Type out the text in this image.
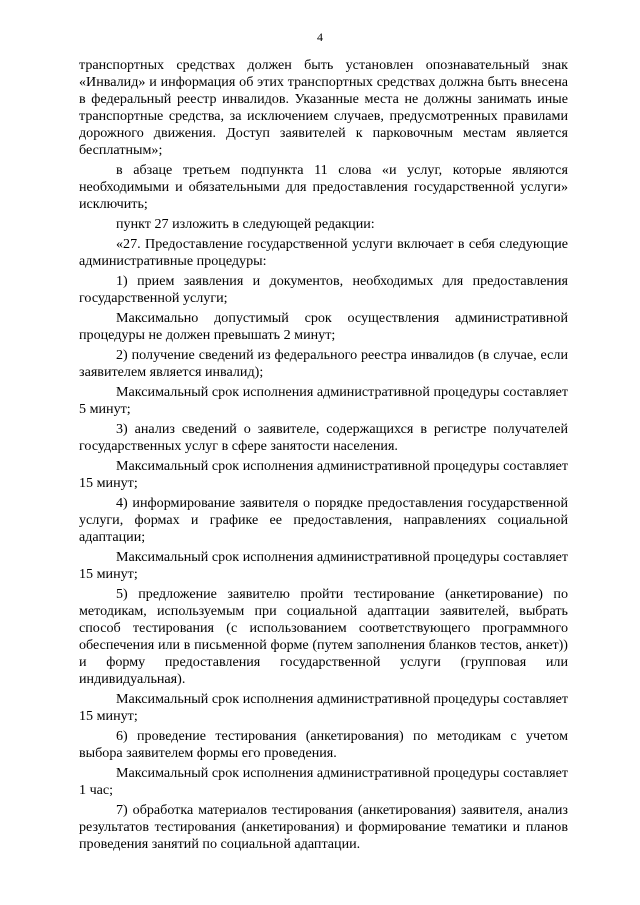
4

транспортных средствах должен быть установлен опознавательный знак «Инвалид» и информация об этих транспортных средствах должна быть внесена в федеральный реестр инвалидов. Указанные места не должны занимать иные транспортные средства, за исключением случаев, предусмотренных правилами дорожного движения. Доступ заявителей к парковочным местам является бесплатным»;

в абзаце третьем подпункта 11 слова «и услуг, которые являются необходимыми и обязательными для предоставления государственной услуги» исключить;

пункт 27 изложить в следующей редакции:

«27. Предоставление государственной услуги включает в себя следующие административные процедуры:

1) прием заявления и документов, необходимых для предоставления государственной услуги;

Максимально допустимый срок осуществления административной процедуры не должен превышать 2 минут;

2) получение сведений из федерального реестра инвалидов (в случае, если заявителем является инвалид);

Максимальный срок исполнения административной процедуры составляет 5 минут;

3) анализ сведений о заявителе, содержащихся в регистре получателей государственных услуг в сфере занятости населения.

Максимальный срок исполнения административной процедуры составляет 15 минут;

4) информирование заявителя о порядке предоставления государственной услуги, формах и графике ее предоставления, направлениях социальной адаптации;

Максимальный срок исполнения административной процедуры составляет 15 минут;

5) предложение заявителю пройти тестирование (анкетирование) по методикам, используемым при социальной адаптации заявителей, выбрать способ тестирования (с использованием соответствующего программного обеспечения или в письменной форме (путем заполнения бланков тестов, анкет)) и форму предоставления государственной услуги (групповая или индивидуальная).

Максимальный срок исполнения административной процедуры составляет 15 минут;

6) проведение тестирования (анкетирования) по методикам с учетом выбора заявителем формы его проведения.

Максимальный срок исполнения административной процедуры составляет 1 час;

7) обработка материалов тестирования (анкетирования) заявителя, анализ результатов тестирования (анкетирования) и формирование тематики и планов проведения занятий по социальной адаптации.
